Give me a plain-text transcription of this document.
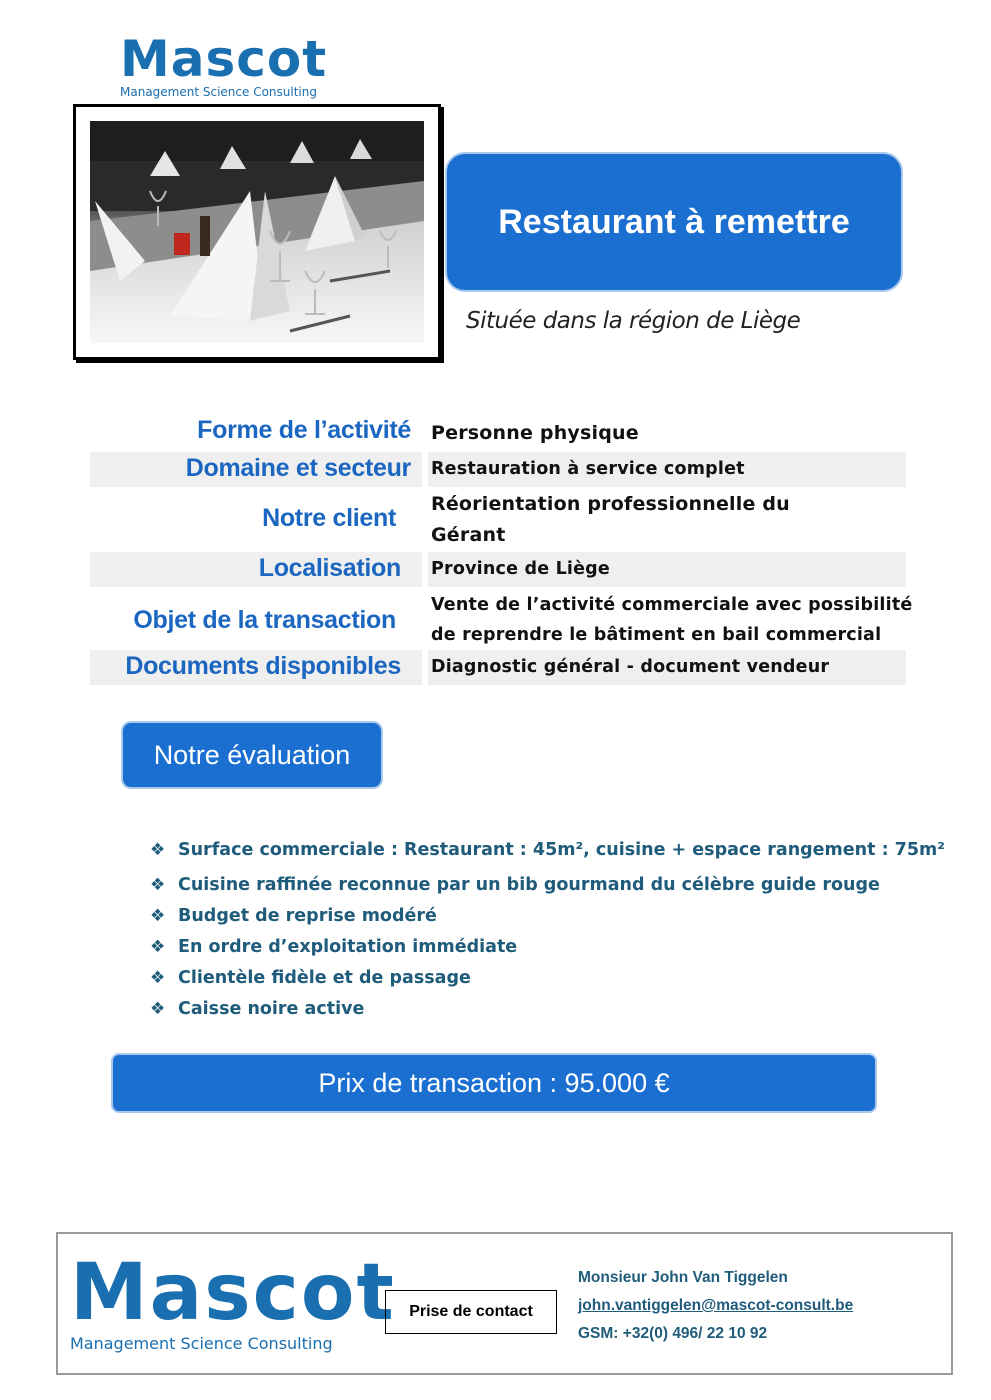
Mascot
Management Science Consulting
Restaurant à remettre
Située dans la région de Liège
Forme de l’activité Personne physique
Domaine et secteur Restauration à service complet
Notre client Réorientation professionnelle du Gérant
Localisation Province de Liège
Objet de la transaction
Vente de l’activité commerciale avec possibilité de reprendre le bâtiment en bail commercial
Documents disponibles Diagnostic général - document vendeur
Notre évaluation
❖ Surface commerciale : Restaurant : 45m², cuisine + espace rangement : 75m²
❖ Cuisine raffinée reconnue par un bib gourmand du célèbre guide rouge
❖ Budget de reprise modéré
❖ En ordre d’exploitation immédiate
❖ Clientèle fidèle et de passage
❖ Caisse noire active
Prix de transaction : 95.000 €
Mascot
Management Science Consulting
Prise de contact
Monsieur John Van Tiggelen
john.vantiggelen@mascot-consult.be
GSM: +32(0) 496/ 22 10 92
